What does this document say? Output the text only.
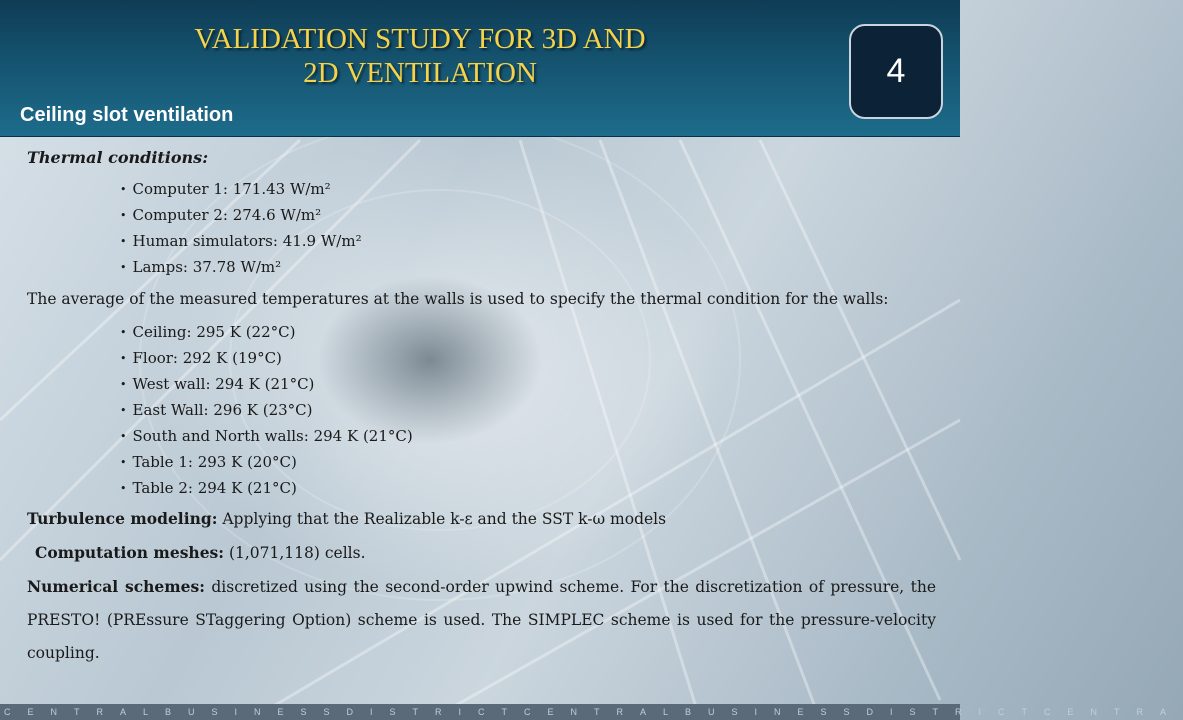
VALIDATION STUDY FOR 3D AND
2D VENTILATION
Ceiling slot ventilation
4
Thermal conditions:
• Computer 1: 171.43 W/m²
• Computer 2: 274.6 W/m²
• Human simulators: 41.9 W/m²
• Lamps: 37.78 W/m²

The average of the measured temperatures at the walls is used to specify the thermal condition for the walls:

• Ceiling: 295 K (22°C)
• Floor: 292 K (19°C)
• West wall: 294 K (21°C)
• East Wall: 296 K (23°C)
• South and North walls: 294 K (21°C)
• Table 1: 293 K (20°C)
• Table 2: 294 K (21°C)

Turbulence modeling: Applying that the Realizable k-ε and the SST k-ω models

Computation meshes: (1,071,118) cells.

Numerical schemes: discretized using the second-order upwind scheme. For the discretization of pressure, the PRESTO! (PREssure STaggering Option) scheme is used. The SIMPLEC scheme is used for the pressure-velocity coupling.

CENTRALBUSINESSDISTRICTCENTRALBUSINESSDISTRICTCENTRA
